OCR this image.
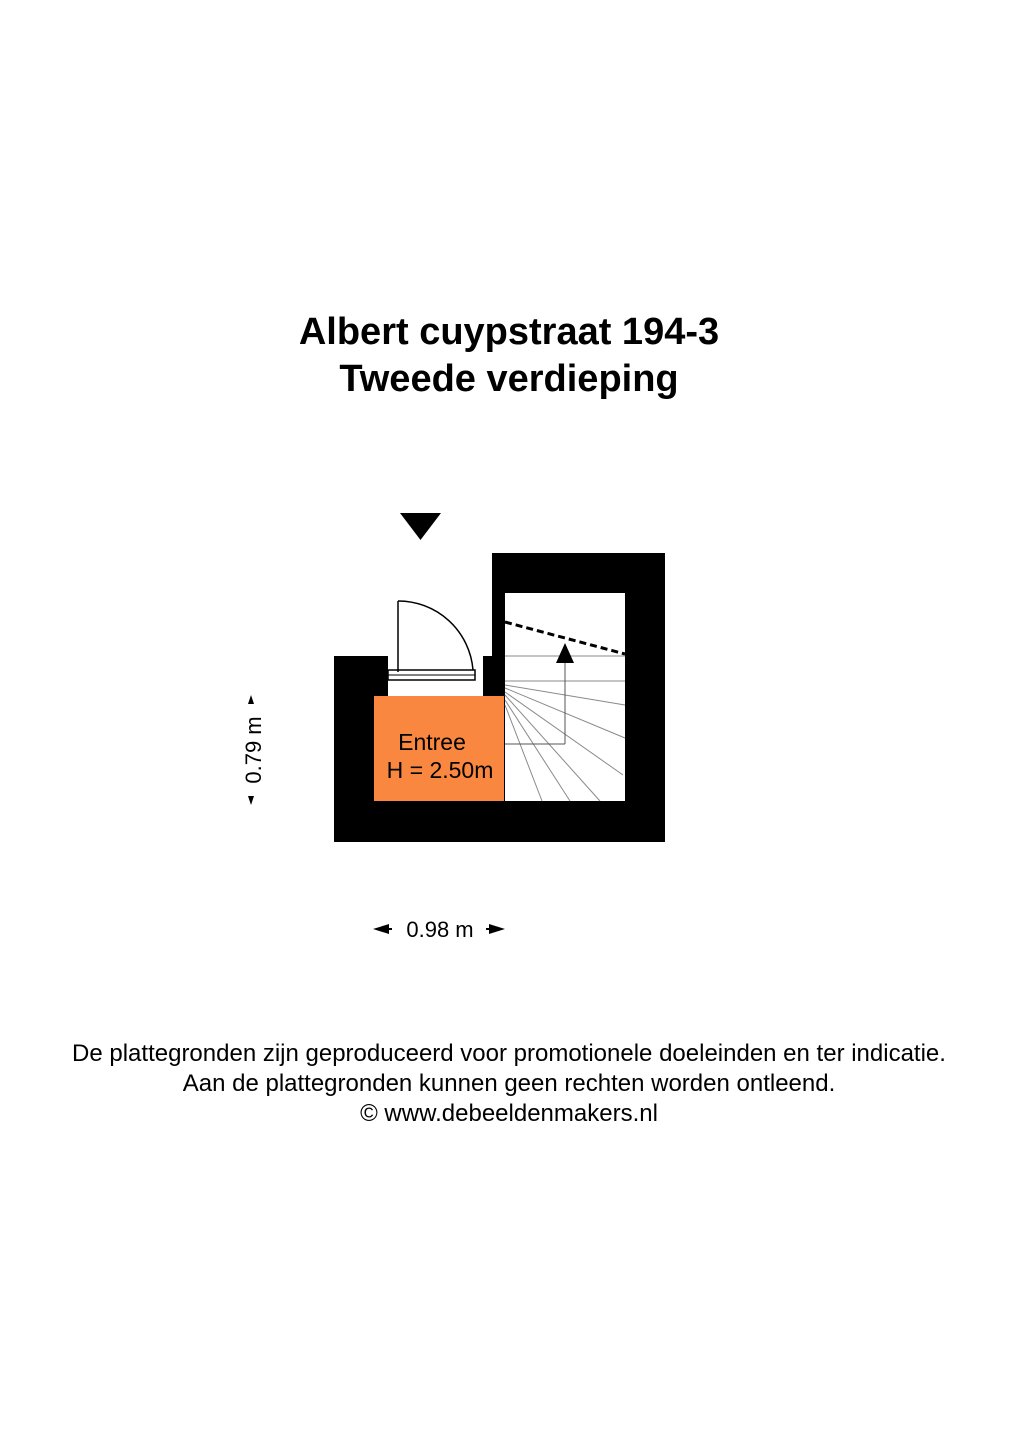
Albert cuypstraat 194-3
Tweede verdieping
Entree
H = 2.50m
0.79 m
0.98 m
De plattegronden zijn geproduceerd voor promotionele doeleinden en ter indicatie.
Aan de plattegronden kunnen geen rechten worden ontleend.
© www.debeeldenmakers.nl
